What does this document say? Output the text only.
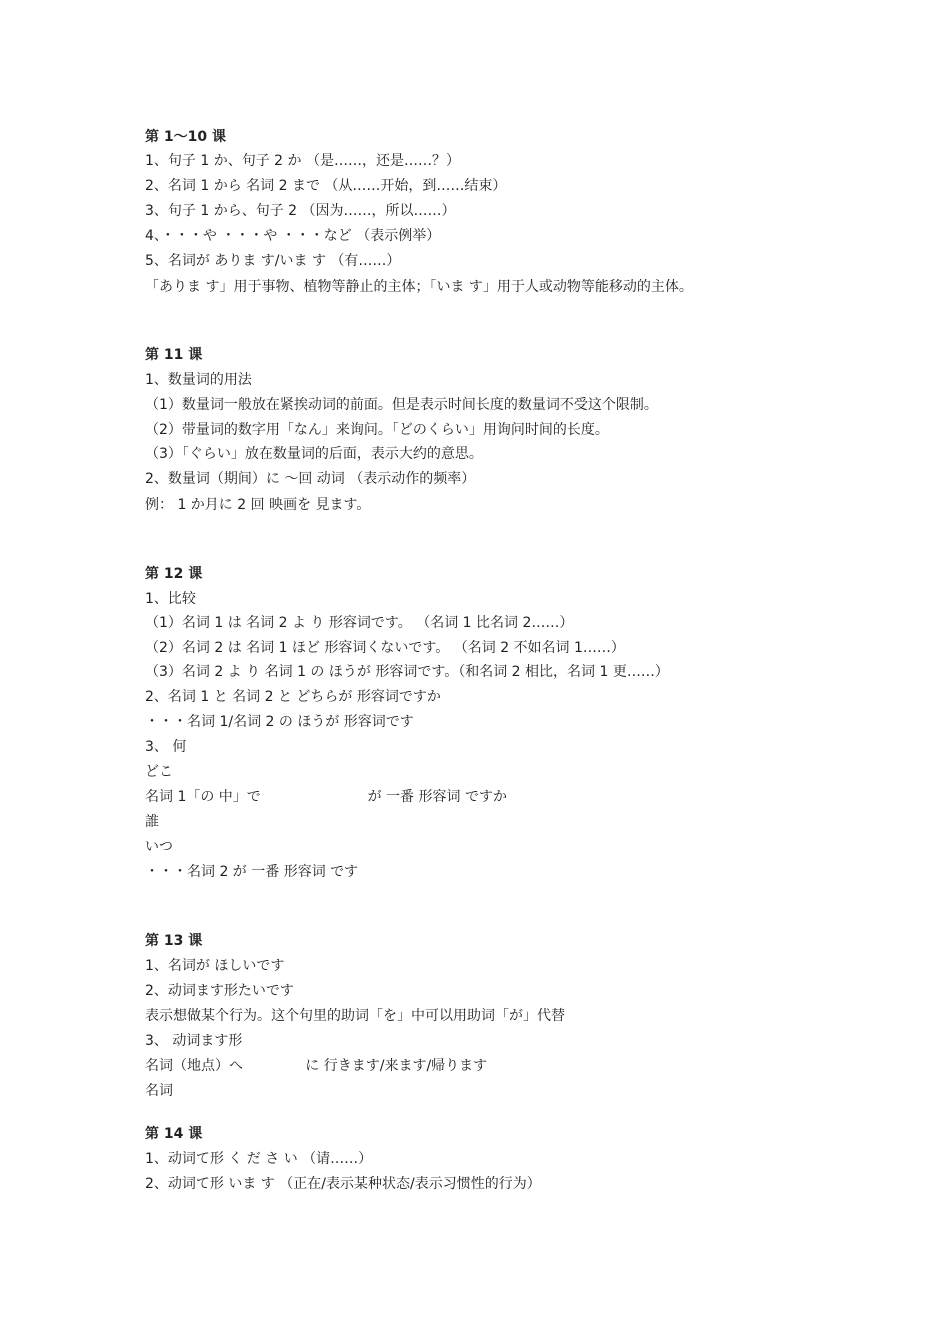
第 1～10 课
1、句子 1 か、句子 2 か （是……，还是……？）
2、名词 1 から 名词 2 まで （从……开始，到……结束）
3、句子 1 から、句子 2 （因为……，所以……）
4、・・・や ・・・や ・・・など （表示例举）
5、名词が ありま す/いま す （有……）
「ありま す」用于事物、植物等静止的主体；「いま す」用于人或动物等能移动的主体。
第 11 课
1、数量词的用法
（1）数量词一般放在紧挨动词的前面。但是表示时间长度的数量词不受这个限制。
（2）带量词的数字用「なん」来询问。「どのくらい」用询问时间的长度。
（3）「ぐらい」放在数量词的后面，表示大约的意思。
2、数量词（期间）に ～回 动词 （表示动作的频率）
例： 1 か月に 2 回 映画を 見ます。
第 12 课
1、比较
（1）名词 1 は 名词 2 よ り 形容词です。 （名词 1 比名词 2……）
（2）名词 2 は 名词 1 ほど 形容词くないです。 （名词 2 不如名词 1……）
（3）名词 2 よ り 名词 1 の ほうが 形容词です。（和名词 2 相比，名词 1 更……）
2、名词 1 と 名词 2 と どちらが 形容词ですか
・・・名词 1/名词 2 の ほうが 形容词です
3、 何
どこ
名词 1「の 中」で                        が 一番 形容词 ですか
誰
いつ
・・・名词 2 が 一番 形容词 です
第 13 课
1、名词が ほしいです
2、动词ます形たいです
表示想做某个行为。这个句里的助词「を」中可以用助词「が」代替
3、 动词ます形
名词（地点）へ              に 行きます/来ます/帰ります
名词
第 14 课
1、动词て形 く だ さ い （请……）
2、动词て形 いま す （正在/表示某种状态/表示习惯性的行为）
